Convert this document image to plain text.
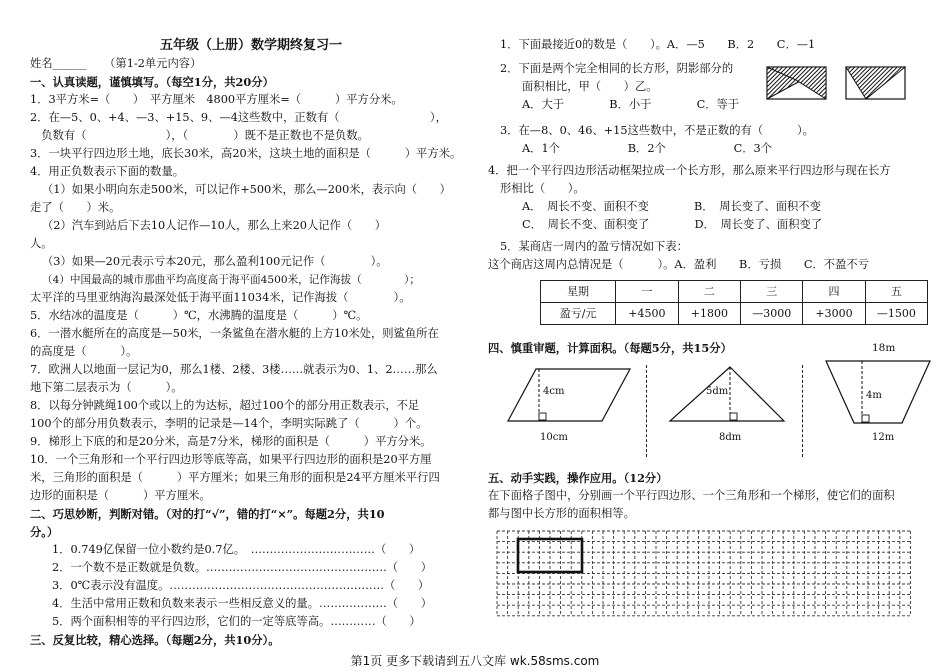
五年级（上册）数学期终复习一
姓名______ （第1-2单元内容）
一、认真读题，谨慎填写。（每空1分，共20分）
1．3平方米=（　　）　平方厘米　4800平方厘米=（　　　）平方分米。
2．在—5、0、+4、—3、+15、9、—4这些数中，正数有（　　　　　　　　），
　负数有（　　　　　　　），（　　　　）既不是正数也不是负数。
3．一块平行四边形土地，底长30米，高20米，这块土地的面积是（　　　）平方米。
4．用正负数表示下面的数量。
（1）如果小明向东走500米，可以记作+500米，那么—200米，表示向（　　）
走了（　　）米。
（2）汽车到站后下去10人记作—10人，那么上来20人记作（　　）
人。
（3）如果—20元表示亏本20元，那么盈利100元记作（　　　　）。
（4）中国最高的城市那曲平均高度高于海平面4500米，记作海拔（　　　　）；
太平洋的马里亚纳海沟最深处低于海平面11034米，记作海拔（　　　　）。
5．水结冰的温度是（　　　）℃，水沸腾的温度是（　　　）℃。
6．一潜水艇所在的高度是—50米，一条鲨鱼在潜水艇的上方10米处，则鲨鱼所在
的高度是（　　　）。
7．欧洲人以地面一层记为0，那么1楼、2楼、3楼……就表示为0、1、2……那么
地下第二层表示为（　　　）。
8．以每分钟跳绳100个或以上的为达标，超过100个的部分用正数表示，不足
100个的部分用负数表示，李明的记录是—14个，李明实际跳了（　　　）个。
9．梯形上下底的和是20分米，高是7分米，梯形的面积是（　　　）平方分米。
10．一个三角形和一个平行四边形等底等高，如果平行四边形的面积是20平方厘
米，三角形的面积是（　　　）平方厘米；如果三角形的面积是24平方厘米平行四
边形的面积是（　　　）平方厘米。
二、巧思妙断，判断对错。（对的打“√”，错的打“×”。每题2分，共10
分。）
1．0.749亿保留一位小数约是0.7亿。　……………………………（　　）
2．一个数不是正数就是负数。…………………………………………（　　）
3．0℃表示没有温度。…………………………………………………（　　）
4．生活中常用正数和负数来表示一些相反意义的量。………………（　　）
5．两个面积相等的平行四边形，它们的一定等底等高。…………（　　）
三、反复比较，精心选择。（每题2分，共10分）。
1．下面最接近0的数是（　　）。A．—5　　B．2　　C．—1
2．下面是两个完全相同的长方形，阴影部分的
面积相比，甲（　　）乙。
A．大于　　　　B．小于　　　　C．等于
3．在—8、0、46、+15这些数中，不是正数的有（　　　）。
A．1个　　　　　　B．2个　　　　　　C．3个
4．把一个平行四边形活动框架拉成一个长方形，那么原来平行四边形与现在长方
形相比（　　）。
A．　周长不变、面积不变　　　　B．　周长变了、面积不变
C．　周长不变、面积变了　　　　D．　周长变了、面积变了
5．某商店一周内的盈亏情况如下表：
这个商店这周内总情况是（　　　）。A．盈利　　B．亏损　　C．不盈不亏
星期	一	二	三	四	五
盈亏/元	+4500	+1800	—3000	+3000	—1500
四、慎重审题，计算面积。（每题5分，共15分）	18m
4cm
10cm
5dm
8dm
4m
12m
五、动手实践，操作应用。（12分）
在下面格子图中，分别画一个平行四边形、一个三角形和一个梯形，使它们的面积
都与图中长方形的面积相等。
第1页 更多下载请到五八文库 wk.58sms.com
